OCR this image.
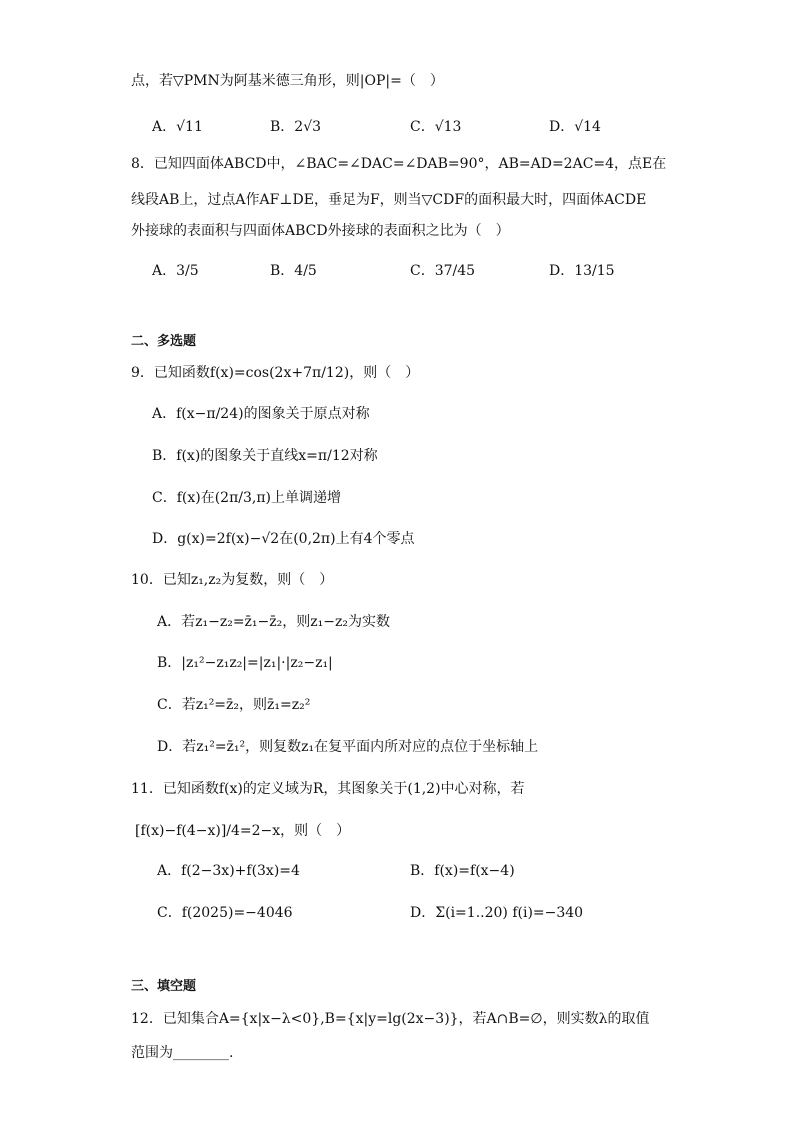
点，若▽PMN为阿基米德三角形，则|OP|=（　）
A．√11	B．2√3	C．√13	D．√14
8．已知四面体ABCD中，∠BAC=∠DAC=∠DAB=90°，AB=AD=2AC=4，点E在
线段AB上，过点A作AF⊥DE，垂足为F，则当▽CDF的面积最大时，四面体ACDE
外接球的表面积与四面体ABCD外接球的表面积之比为（　）
A．3/5	B．4/5	C．37/45	D．13/15
二、多选题
9．已知函数f(x)=cos(2x+7π/12)，则（　）
A．f(x−π/24)的图象关于原点对称
B．f(x)的图象关于直线x=π/12对称
C．f(x)在(2π/3,π)上单调递增
D．g(x)=2f(x)−√2在(0,2π)上有4个零点
10．已知z₁,z₂为复数，则（　）
A．若z₁−z₂=z̄₁−z̄₂，则z₁−z₂为实数
B．|z₁²−z₁z₂|=|z₁|·|z₂−z₁|
C．若z₁²=z̄₂，则z̄₁=z₂²
D．若z₁²=z̄₁²，则复数z₁在复平面内所对应的点位于坐标轴上
11．已知函数f(x)的定义域为R，其图象关于(1,2)中心对称，若
[f(x)−f(4−x)]/4=2−x，则（　）
A．f(2−3x)+f(3x)=4	B．f(x)=f(x−4)
C．f(2025)=−4046	D．Σ(i=1..20) f(i)=−340
三、填空题
12．已知集合A={x|x−λ<0},B={x|y=lg(2x−3)}，若A∩B=∅，则实数λ的取值
范围为________.
